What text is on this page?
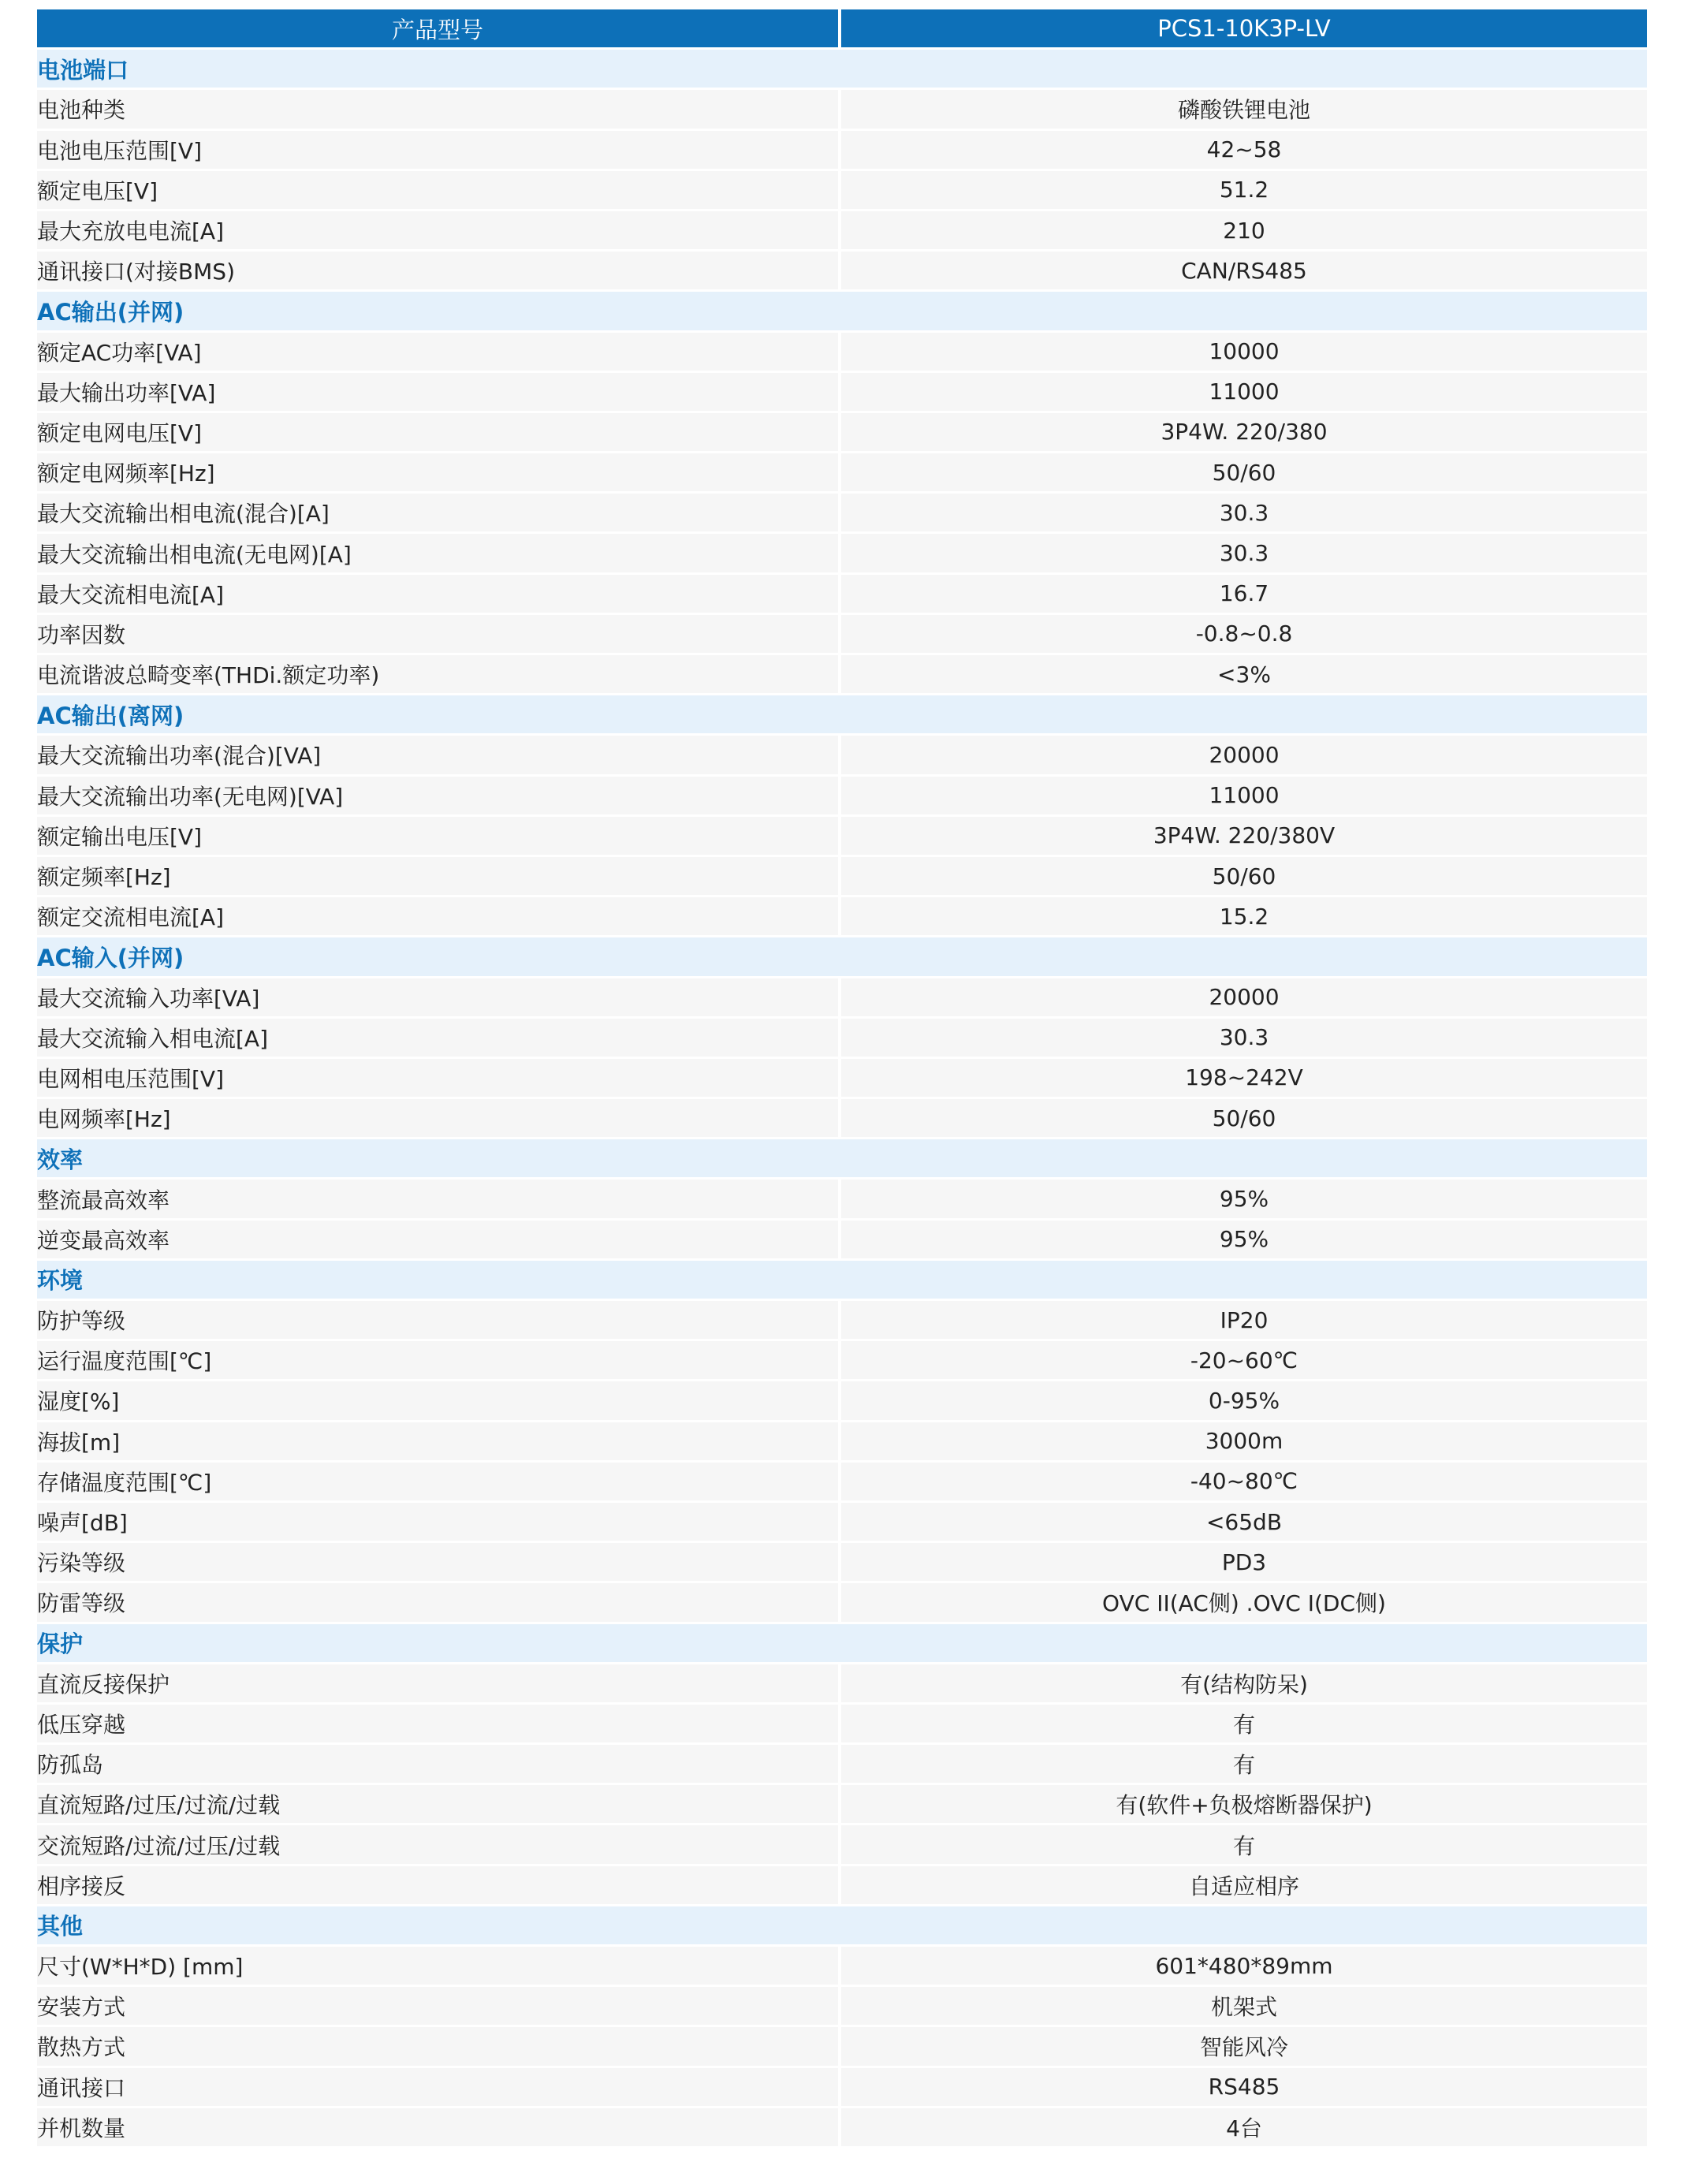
产品型号	PCS1-10K3P-LV
电池端口	
电池种类	磷酸铁锂电池
电池电压范围[V]	42~58
额定电压[V]	51.2
最大充放电电流[A]	210
通讯接口(对接BMS)	CAN/RS485
AC输出(并网)	
额定AC功率[VA]	10000
最大输出功率[VA]	11000
额定电网电压[V]	3P4W. 220/380
额定电网频率[Hz]	50/60
最大交流输出相电流(混合)[A]	30.3
最大交流输出相电流(无电网)[A]	30.3
最大交流相电流[A]	16.7
功率因数	-0.8~0.8
电流谐波总畸变率(THDi.额定功率)	<3%
AC输出(离网)	
最大交流输出功率(混合)[VA]	20000
最大交流输出功率(无电网)[VA]	11000
额定输出电压[V]	3P4W. 220/380V
额定频率[Hz]	50/60
额定交流相电流[A]	15.2
AC输入(并网)	
最大交流输入功率[VA]	20000
最大交流输入相电流[A]	30.3
电网相电压范围[V]	198~242V
电网频率[Hz]	50/60
效率	
整流最高效率	95%
逆变最高效率	95%
环境	
防护等级	IP20
运行温度范围[℃]	-20~60℃
湿度[%]	0-95%
海拔[m]	3000m
存储温度范围[℃]	-40~80℃
噪声[dB]	<65dB
污染等级	PD3
防雷等级	OVC II(AC侧) .OVC I(DC侧)
保护	
直流反接保护	有(结构防呆)
低压穿越	有
防孤岛	有
直流短路/过压/过流/过载	有(软件+负极熔断器保护)
交流短路/过流/过压/过载	有
相序接反	自适应相序
其他	
尺寸(W*H*D) [mm]	601*480*89mm
安装方式	机架式
散热方式	智能风冷
通讯接口	RS485
并机数量	4台
